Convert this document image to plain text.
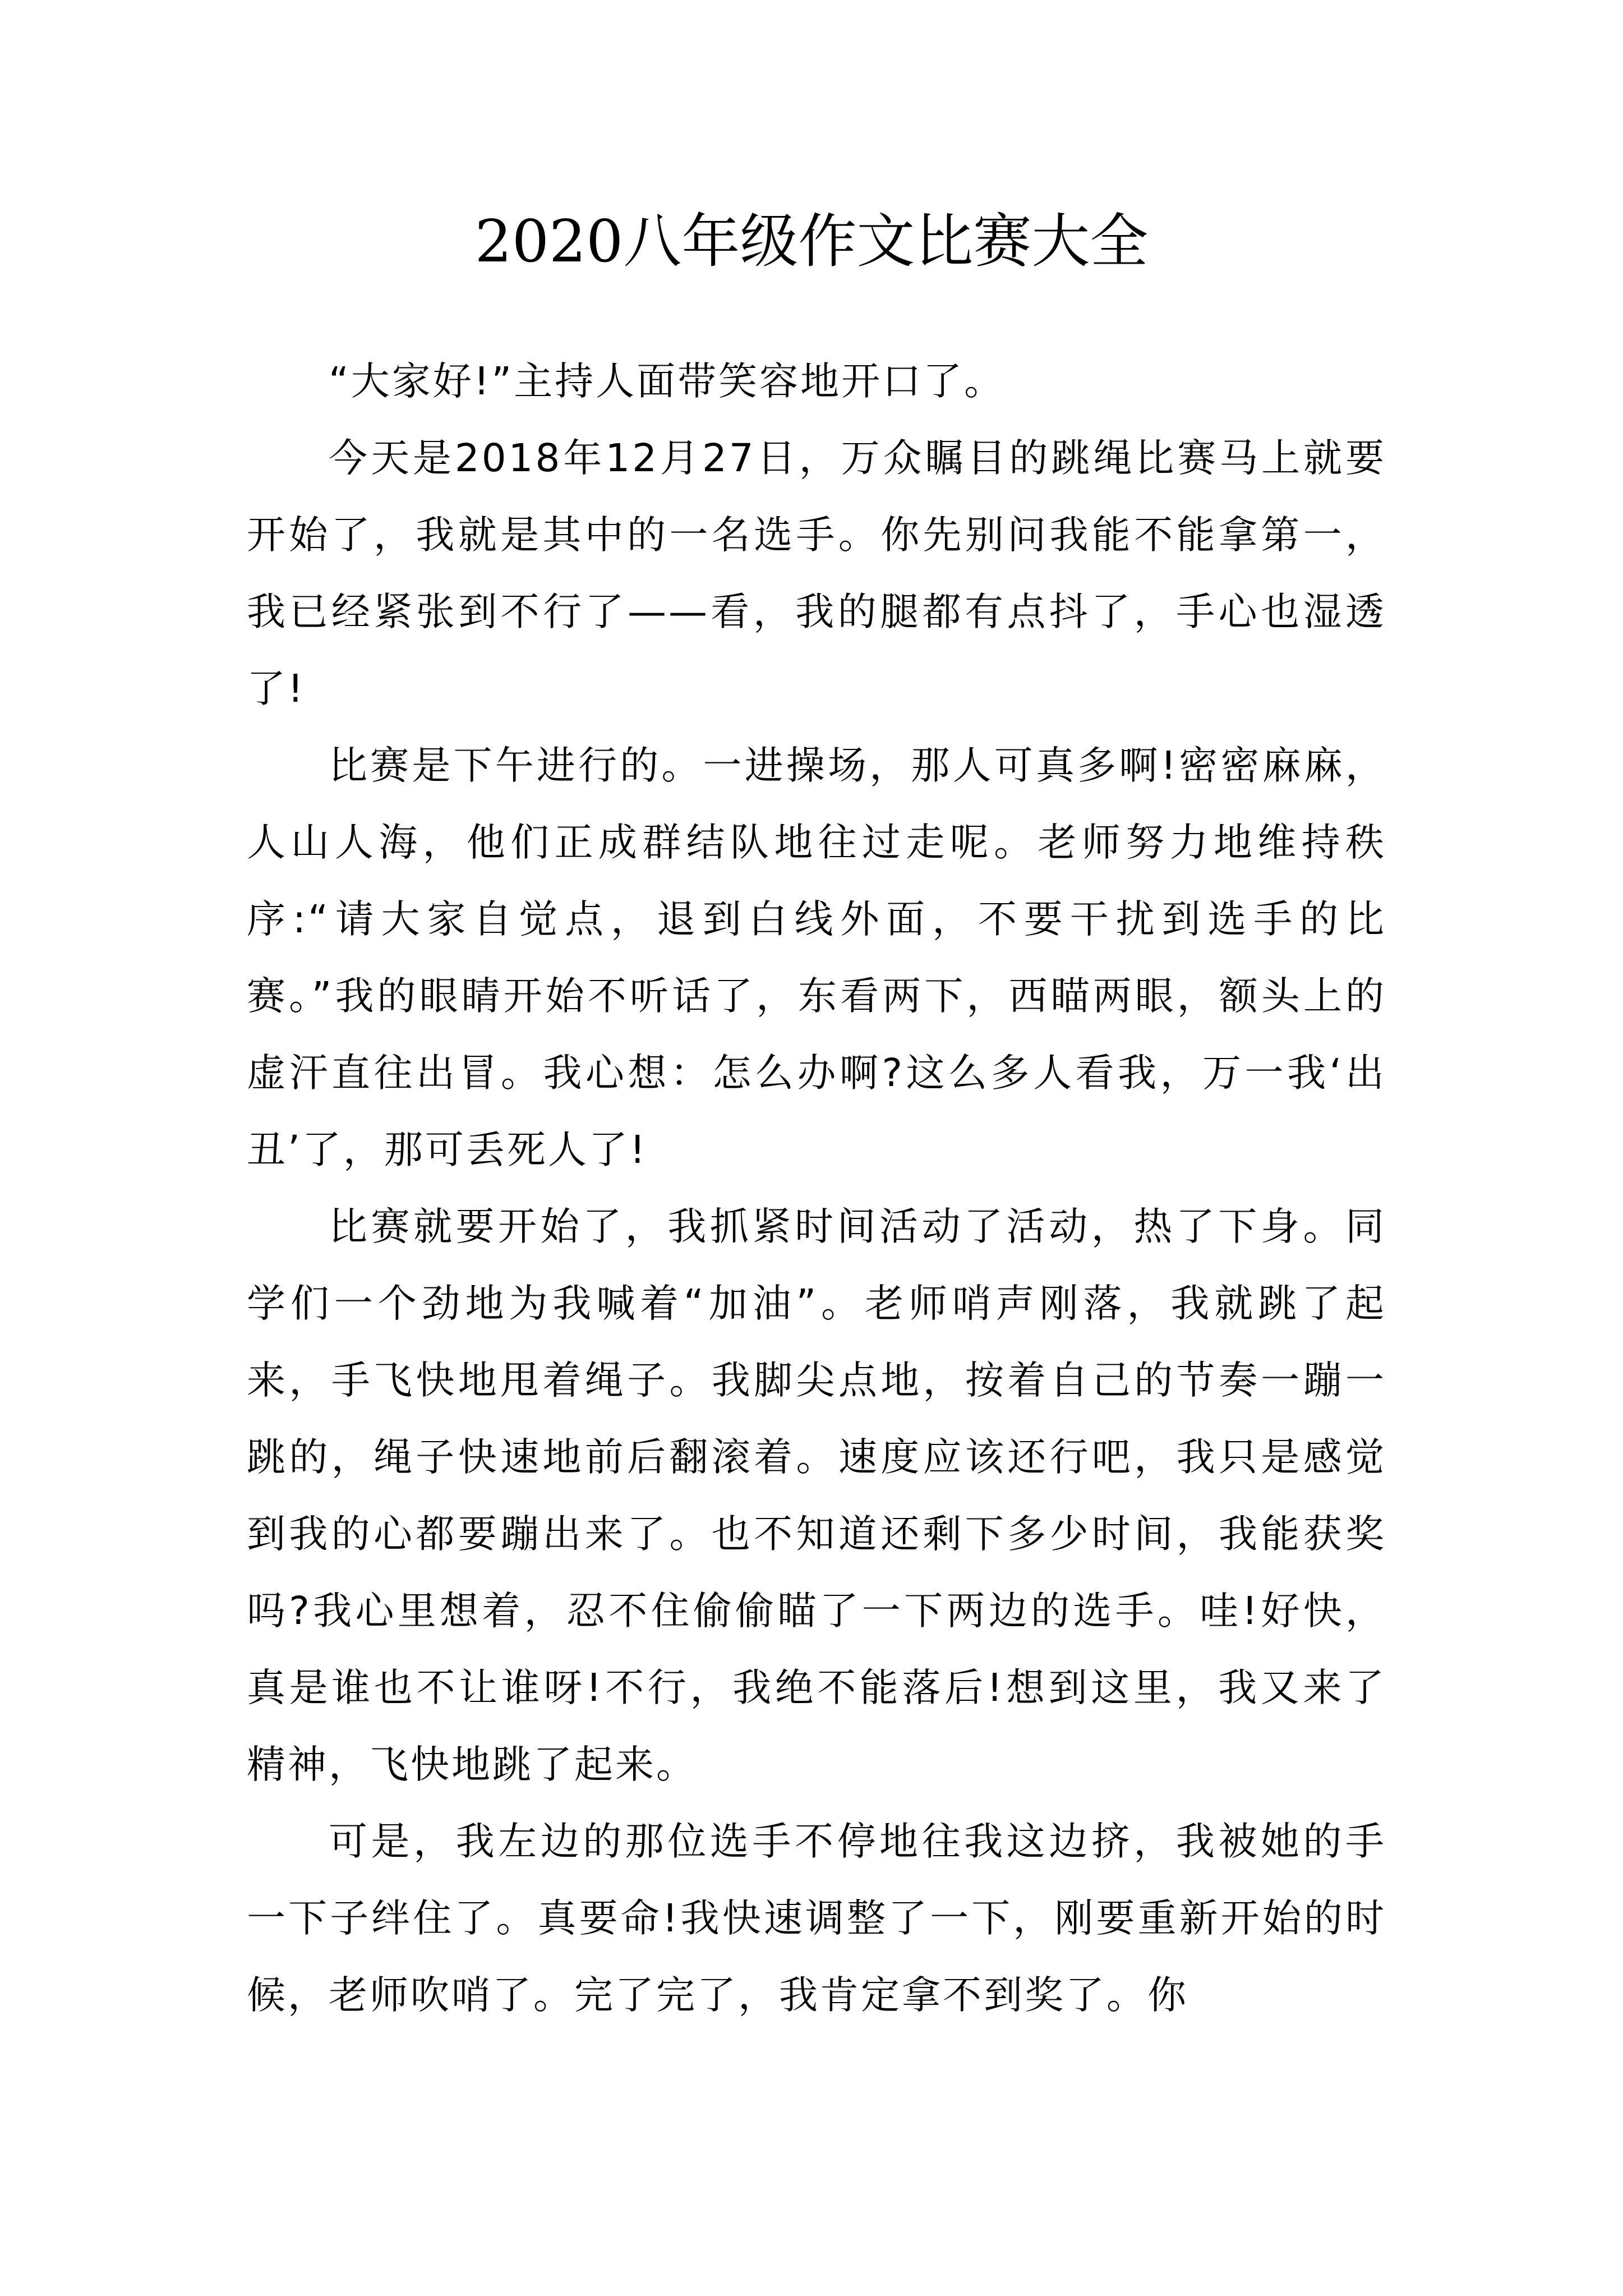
2020八年级作文比赛大全

“大家好!”主持人面带笑容地开口了。

今天是2018年12月27日，万众瞩目的跳绳比赛马上就要开始了，我就是其中的一名选手。你先别问我能不能拿第一，我已经紧张到不行了——看，我的腿都有点抖了，手心也湿透了!

比赛是下午进行的。一进操场，那人可真多啊!密密麻麻，人山人海，他们正成群结队地往过走呢。老师努力地维持秩序:“请大家自觉点，退到白线外面，不要干扰到选手的比赛。”我的眼睛开始不听话了，东看两下，西瞄两眼，额头上的虚汗直往出冒。我心想：怎么办啊?这么多人看我，万一我‘出丑’了，那可丢死人了!

比赛就要开始了，我抓紧时间活动了活动，热了下身。同学们一个劲地为我喊着“加油”。老师哨声刚落，我就跳了起来，手飞快地甩着绳子。我脚尖点地，按着自己的节奏一蹦一跳的，绳子快速地前后翻滚着。速度应该还行吧，我只是感觉到我的心都要蹦出来了。也不知道还剩下多少时间，我能获奖吗?我心里想着，忍不住偷偷瞄了一下两边的选手。哇!好快，真是谁也不让谁呀!不行，我绝不能落后!想到这里，我又来了精神，飞快地跳了起来。

可是，我左边的那位选手不停地往我这边挤，我被她的手一下子绊住了。真要命!我快速调整了一下，刚要重新开始的时候，老师吹哨了。完了完了，我肯定拿不到奖了。你
